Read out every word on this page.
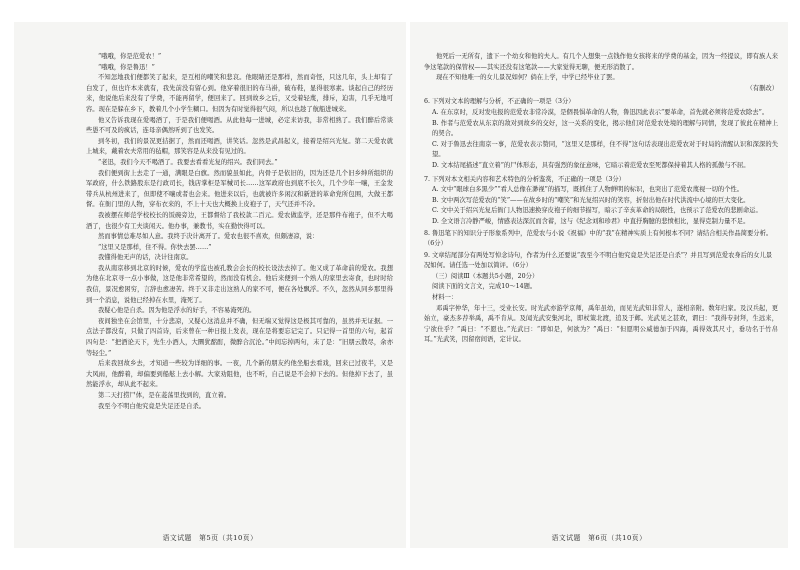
“哦哦，你是范爱农！”

“哦哦，你是鲁迅！”

不知怎地我们便都笑了起来，是互相的嘲笑和悲哀。他眼睛还是那样，然而奇怪，只这几年，头上却有了白发了，但也许本来就有，我先前没有留心到。他穿着很旧的布马褂，破布鞋，显得很寒素。谈起自己的经历来，他说他后来没有了学费，不能再留学，便回来了。回到故乡之后，又受着轻蔑，排斥，迫害，几乎无地可容。现在是躲在乡下，教着几个小学生糊口。但因为有时觉得很气闷，所以也趁了航船进城来。

他又告诉我现在爱喝酒了，于是我们便喝酒。从此他每一进城，必定来访我，非常相熟了。我们醉后常谈些愚不可及的疯话，连母亲偶然听到了也发笑。

到冬初，我们的景况更拮据了，然而还喝酒，讲笑话。忽然是武昌起义，接着是绍兴光复。第二天爱农就上城来，戴着农夫常用的毡帽，那笑容是从来没有见过的。

“老迅，我们今天不喝酒了。我要去看看光复的绍兴。我们同去。”

我们便到街上去走了一通，满眼是白旗。然而貌虽如此，内骨子是依旧的，因为还是几个旧乡绅所组织的军政府，什么铁路股东是行政司长，钱店掌柜是军械司长……这军政府也到底不长久，几个少年一嚷，王金发带兵从杭州进来了，但即使不嚷或者也会来。他进来以后，也就被许多闲汉和新进的革命党所包围，大做王都督。在衙门里的人物，穿布衣来的，不上十天也大概换上皮袍子了，天气还并不冷。

我被摆在师范学校校长的饭碗旁边，王都督给了我校款二百元。爱农做监学，还是那件布袍子，但不大喝酒了，也很少有工夫谈闲天。他办事，兼教书，实在勤快得可以。

然而事情总难尽如人意。我终于决计离开了。爱农也很不喜欢，但颇凄凉，说：

“这里又是那样，住不得。你快去罢……”

我懂得他无声的话，决计往南京。

我从南京移到北京的时候，爱农的学监也被孔教会会长的校长设法去掉了。他又成了革命前的爱农。我想为他在北京寻一点小事做，这是他非常希望的，然而没有机会。他后来便到一个熟人的家里去寄食，也时时给我信，景况愈困穷，言辞也愈凄苦。终于又非走出这熟人的家不可，便在各处飘浮。不久，忽然从同乡那里得到一个消息，说他已经掉在水里，淹死了。

我疑心他是自杀。因为他是浮水的好手，不容易淹死的。

夜间独坐在会馆里，十分悲凉，又疑心这消息并不确，但无端又觉得这是极其可靠的，虽然并无证据。一点法子都没有，只做了四首诗，后来曾在一种日报上发表，现在是将要忘记完了。只记得一首里的六句，起首四句是：“把酒论天下，先生小酒人，大圜犹酩酊，微醉合沉沦。”中间忘掉两句，末了是：“旧朋云散尽，余亦等轻尘。”

后来我回故乡去，才知道一些较为详细的事。一夜，几个新的朋友约他坐船去看戏，回来已过夜半，又是大风雨，他醉着，却偏要到船舷上去小解。大家劝阻他，也不听，自己说是不会掉下去的。但他掉下去了，虽然能浮水，却从此不起来。

第二天打捞尸体，是在菱荡里找到的，直立着。

我至今不明白他究竟是失足还是自杀。

语文试题　第5页（共10页）

他死后一无所有，遗下一个幼女和他的夫人。有几个人想集一点钱作他女孩将来的学费的基金，因为一经提议，即有族人来争这笔款的保管权——其实还没有这笔款——大家觉得无聊，便无形消散了。

现在不知他唯一的女儿景况如何？倘在上学，中学已经毕业了罢。

（有删改）

6. 下列对文本的理解与分析，不正确的一项是（3分）

A. 在东京时，反对发电报的范爱农非常冷漠，是個畏惧革命的人物，鲁迅因此表示“要革命，首先就必须将范爱农除去”。

B. 作者与范爱农从东京的敌对到故乡的交好，这一关系的变化，揭示他们对范爱农处境的理解与同情，发现了彼此在精神上的契合。

C. 对于鲁迅去往南京一事，范爱农表示赞同，“这里又是那样，住不得”这句话表现出范爱农对于时局的清醒认识和深深的失望。

D. 文本结尾描述“直立着”的尸体形态，具有强烈的象征意味，它暗示着范爱农至死都保持着其人格的孤傲与不屈。

7. 下列对本文相关内容和艺术特色的分析鉴赏，不正确的一项是（3分）

A. 文中“眼球白多黑少”“看人总像在渺视”的描写，既抓住了人物鲜明的标识，也突出了范爱农蔑视一切的个性。

B. 文中两次写范爱农的“笑”——在故乡时的“嘲笑”和光复绍兴时的笑容，折射出他在时代洪流中心境的巨大变化。

C. 文中关于绍兴光复后衙门人物迅速换穿皮袍子的细节描写，暗示了辛亥革命的局限性，也预示了范爱农的悲剧命运。

D. 全文语言冷静严峻，情感表达深沉而含蓄，这与《纪念刘和珍君》中直抒胸臆的悲愤相比，显得克制力量不足。

8. 鲁迅笔下的知识分子形象系列中，范爱农与小说《祝福》中的“我”在精神实质上有何根本不同？请结合相关作品简要分析。（6分）

9. 文章结尾部分有两处写悼念诗句，作者为什么还要说“我至今不明白他究竟是失足还是自杀”？并且写到范爱农身后的女儿景况如何。请任选一处加以简评。（6分）

（三）阅读Ⅲ（本题共5小题，20分）

阅读下面的文言文，完成10～14题。

材料一：

邓禹字仲华，年十三，受业长安。时光武亦游学京师，禹年虽幼，而见光武知非常人，遂相亲附。数年归家。及汉兵起，更始立，豪杰多荐举禹，禹不肯从。及闻光武安集河北，即杖策北渡，追及于邺。光武见之甚欢，谓曰：“我得专封拜，生远来，宁欲仕乎？”禹曰：“不愿也。”光武曰：“即如是，何欲为？”禹曰：“但愿明公威德加于四海，禹得效其尺寸，垂功名于竹帛耳。”光武笑，因留宿间语，定计议。

语文试题　第6页（共10页）
